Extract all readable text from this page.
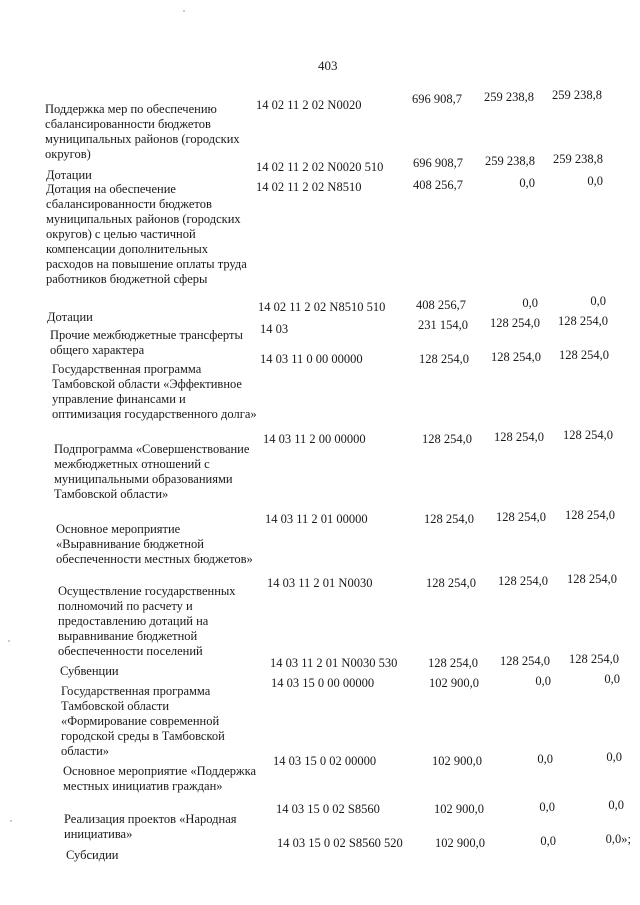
403
Поддержка мер по обеспечению сбалансированности бюджетов муниципальных районов (городских округов)
14 02 11 2 02 N0020	696 908,7	259 238,8	259 238,8
Дотации
14 02 11 2 02 N0020 510	696 908,7	259 238,8	259 238,8
Дотация на обеспечение сбалансированности бюджетов муниципальных районов (городских округов) с целью частичной компенсации дополнительных расходов на повышение оплаты труда работников бюджетной сферы
14 02 11 2 02 N8510	408 256,7	0,0	0,0
Дотации
14 02 11 2 02 N8510 510	408 256,7	0,0	0,0
Прочие межбюджетные трансферты общего характера
14 03	231 154,0	128 254,0	128 254,0
Государственная программа Тамбовской области «Эффективное управление финансами и оптимизация государственного долга»
14 03 11 0 00 00000	128 254,0	128 254,0	128 254,0
Подпрограмма «Совершенствование межбюджетных отношений с муниципальными образованиями Тамбовской области»
14 03 11 2 00 00000	128 254,0	128 254,0	128 254,0
Основное мероприятие «Выравнивание бюджетной обеспеченности местных бюджетов»
14 03 11 2 01 00000	128 254,0	128 254,0	128 254,0
Осуществление государственных полномочий по расчету и предоставлению дотаций на выравнивание бюджетной обеспеченности поселений
14 03 11 2 01 N0030	128 254,0	128 254,0	128 254,0
Субвенции
14 03 11 2 01 N0030 530	128 254,0	128 254,0	128 254,0
Государственная программа Тамбовской области «Формирование современной городской среды в Тамбовской области»
14 03 15 0 00 00000	102 900,0	0,0	0,0
Основное мероприятие «Поддержка местных инициатив граждан»
14 03 15 0 02 00000	102 900,0	0,0	0,0
Реализация проектов «Народная инициатива»
14 03 15 0 02 S8560	102 900,0	0,0	0,0
Субсидии
14 03 15 0 02 S8560 520	102 900,0	0,0	0,0»;
